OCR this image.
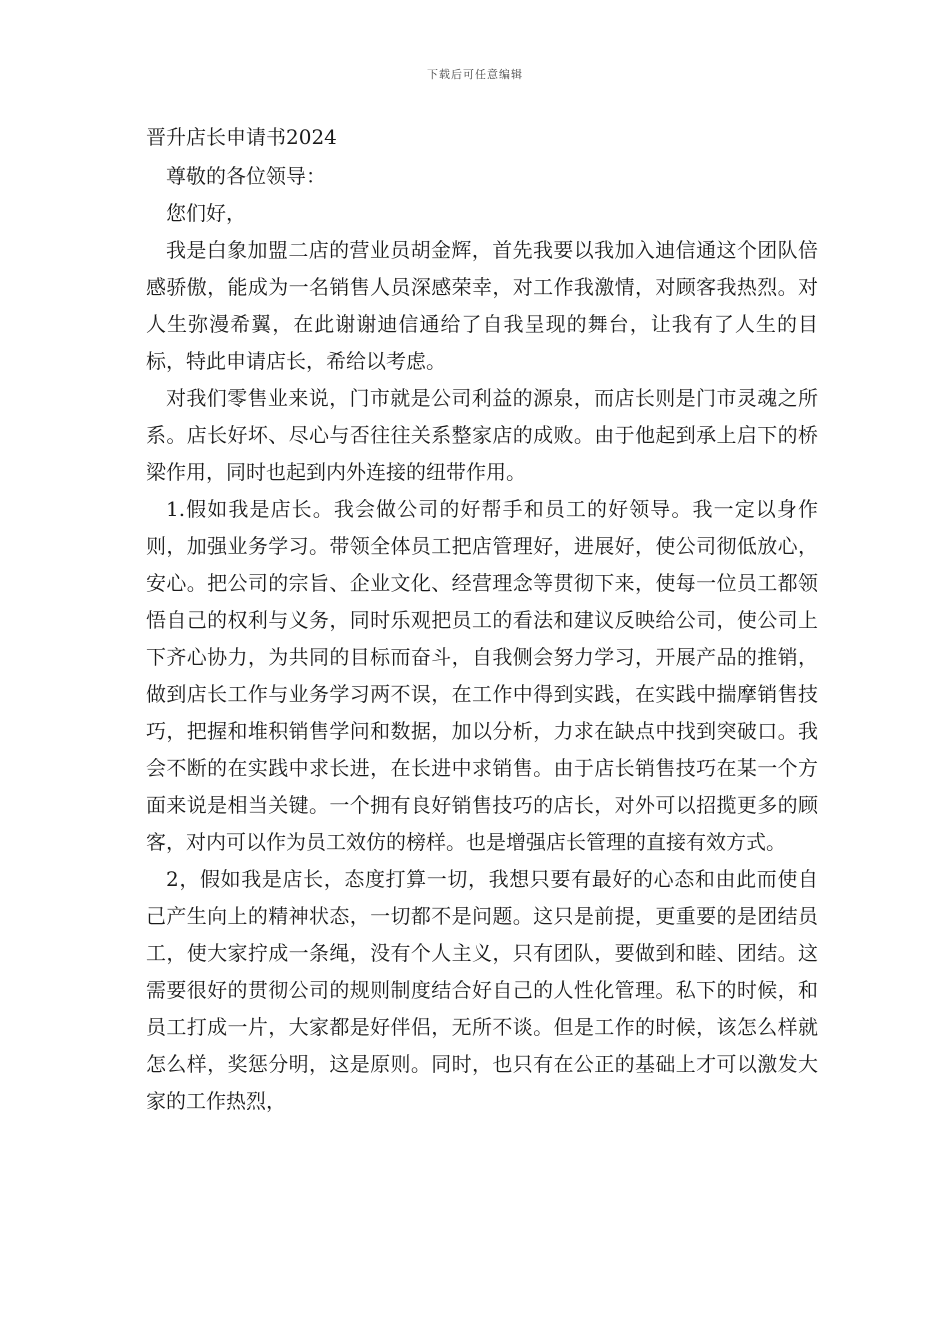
下载后可任意编辑
晋升店长申请书2024

尊敬的各位领导：

您们好，

我是白象加盟二店的营业员胡金辉，首先我要以我加入迪信通这个团队倍感骄傲，能成为一名销售人员深感荣幸，对工作我激情，对顾客我热烈。对人生弥漫希翼，在此谢谢迪信通给了自我呈现的舞台，让我有了人生的目标，特此申请店长，希给以考虑。

对我们零售业来说，门市就是公司利益的源泉，而店长则是门市灵魂之所系。店长好坏、尽心与否往往关系整家店的成败。由于他起到承上启下的桥梁作用，同时也起到内外连接的纽带作用。

1.假如我是店长。我会做公司的好帮手和员工的好领导。我一定以身作则，加强业务学习。带领全体员工把店管理好，进展好，使公司彻低放心，安心。把公司的宗旨、企业文化、经营理念等贯彻下来，使每一位员工都领悟自己的权利与义务，同时乐观把员工的看法和建议反映给公司，使公司上下齐心协力，为共同的目标而奋斗，自我侧会努力学习，开展产品的推销，做到店长工作与业务学习两不误，在工作中得到实践，在实践中揣摩销售技巧，把握和堆积销售学问和数据，加以分析，力求在缺点中找到突破口。我会不断的在实践中求长进，在长进中求销售。由于店长销售技巧在某一个方面来说是相当关键。一个拥有良好销售技巧的店长，对外可以招揽更多的顾客，对内可以作为员工效仿的榜样。也是增强店长管理的直接有效方式。

2，假如我是店长，态度打算一切，我想只要有最好的心态和由此而使自己产生向上的精神状态，一切都不是问题。这只是前提，更重要的是团结员工，使大家拧成一条绳，没有个人主义，只有团队，要做到和睦、团结。这需要很好的贯彻公司的规则制度结合好自己的人性化管理。私下的时候，和员工打成一片，大家都是好伴侣，无所不谈。但是工作的时候，该怎么样就怎么样，奖惩分明，这是原则。同时，也只有在公正的基础上才可以激发大家的工作热烈，
